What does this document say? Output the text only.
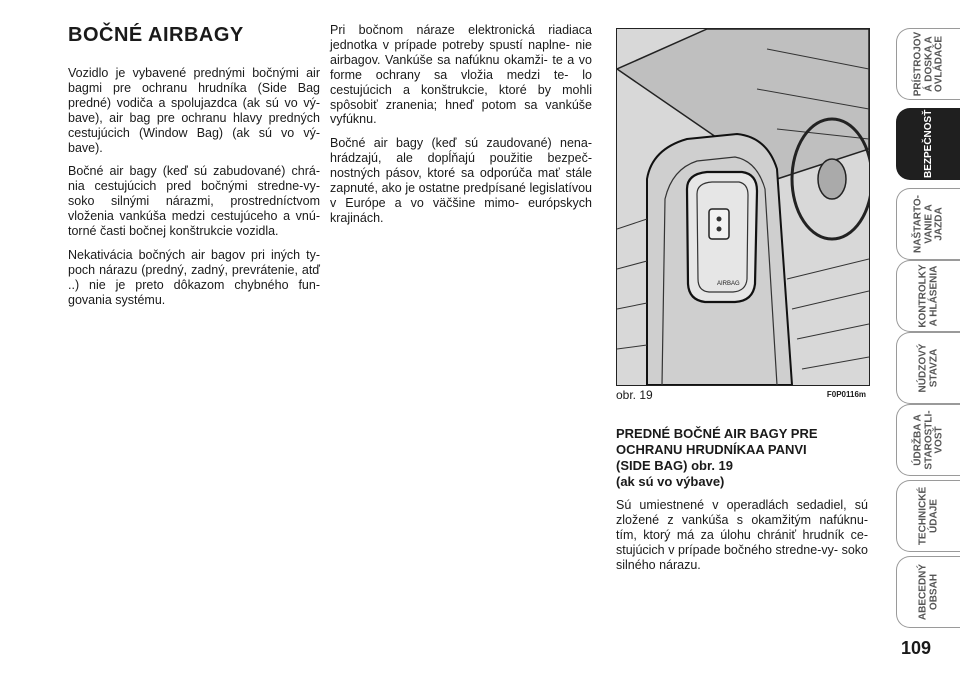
BOČNÉ AIRBAGY

Vozidlo je vybavené prednými bočnými air bagmi pre ochranu hrudníka (Side Bag predné) vodiča a spolujazdca (ak sú vo vý- bave), air bag pre ochranu hlavy predných cestujúcich (Window Bag) (ak sú vo vý- bave).

Bočné air bagy (keď sú zabudované) chrá- nia cestujúcich pred bočnými stredne-vy- soko silnými nárazmi, prostredníctvom vloženia vankúša medzi cestujúceho a vnú- torné časti bočnej konštrukcie vozidla.

Nekativácia bočných air bagov pri iných ty- poch nárazu (predný, zadný, prevrátenie, atď ..) nie je preto dôkazom chybného fun- govania systému.

Pri bočnom náraze elektronická riadiaca jednotka v prípade potreby spustí naplne- nie airbagov. Vankúše sa nafúknu okamži- te a vo forme ochrany sa vložia medzi te- lo cestujúcich a konštrukcie, ktoré by mohli spôsobiť zranenia; hneď potom sa vankúše vyfúknu.

Bočné air bagy (keď sú zaudované) nena- hrádzajú, ale dopĺňajú použitie bezpeč- nostných pásov, ktoré sa odporúča mať stále zapnuté, ako je ostatne predpísané legislatívou v Európe a vo väčšine mimo- európskych krajinách.

AIRBAG
obr. 19	F0P0116m
PREDNÉ BOČNÉ AIR BAGY PRE
OCHRANU HRUDNÍKAA PANVI
(SIDE BAG) obr. 19
(ak sú vo výbave)

Sú umiestnené v operadlách sedadiel, sú zložené z vankúša s okamžitým nafúknu- tím, ktorý má za úlohu chrániť hrudník ce- stujúcich v prípade bočného stredne-vy- soko silného nárazu.

PRÍSTROJOV
Á DOSKA A
OVLÁDAČE
BEZPEČNOSŤ
NAŠTARTO-
VANIE A
JAZDA
KONTROLKY
A HLÁSENIA
NÚDZOVÝ
STAVZA
ÚDRŽBA A
STAROSTLI-
VOSŤ
TECHNICKÉ
ÚDAJE
ABECEDNÝ
OBSAH
109
